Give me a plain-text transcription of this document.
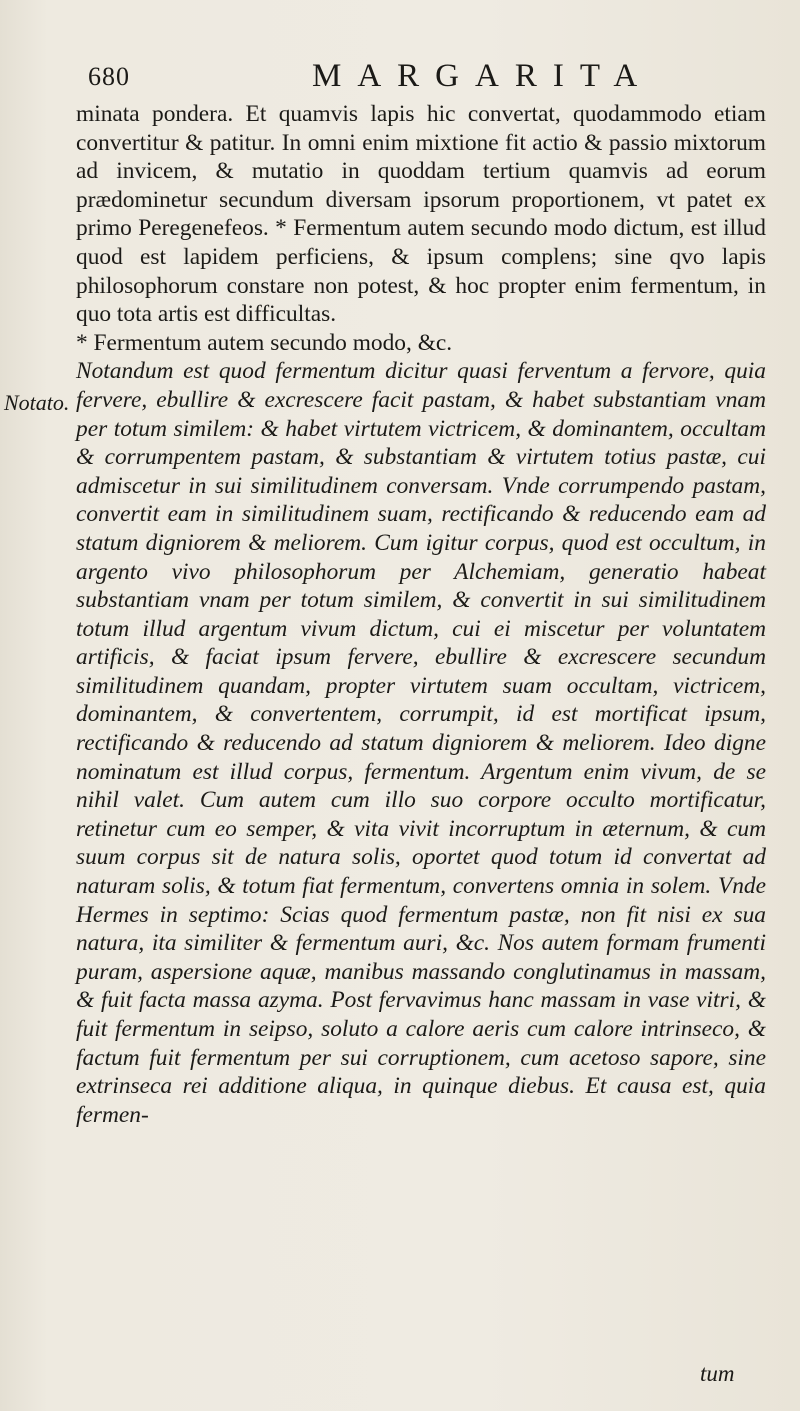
680	MARGARITA
Notato.

minata pondera. Et quamvis lapis hic convertat, quodammodo etiam convertitur & patitur. In omni enim mixtione fit actio & passio mixtorum ad invicem, & mutatio in quoddam tertium quamvis ad eorum prædominetur secundum diversam ipsorum proportionem, vt patet ex primo Peregenefeos. * Fermentum autem secundo modo dictum, est illud quod est lapidem perficiens, & ipsum complens; sine qvo lapis philosophorum constare non potest, & hoc propter enim fermentum, in quo tota artis est difficultas.

* Fermentum autem secundo modo, &c.

Notandum est quod fermentum dicitur quasi ferventum a fervore, quia fervere, ebullire & excrescere facit pastam, & habet substantiam vnam per totum similem: & habet virtutem victricem, & dominantem, occultam & corrumpentem pastam, & substantiam & virtutem totius pastæ, cui admiscetur in sui similitudinem conversam. Vnde corrumpendo pastam, convertit eam in similitudinem suam, rectificando & reducendo eam ad statum digniorem & meliorem. Cum igitur corpus, quod est occultum, in argento vivo philosophorum per Alchemiam, generatio habeat substantiam vnam per totum similem, & convertit in sui similitudinem totum illud argentum vivum dictum, cui ei miscetur per voluntatem artificis, & faciat ipsum fervere, ebullire & excrescere secundum similitudinem quandam, propter virtutem suam occultam, victricem, dominantem, & convertentem, corrumpit, id est mortificat ipsum, rectificando & reducendo ad statum digniorem & meliorem. Ideo digne nominatum est illud corpus, fermentum. Argentum enim vivum, de se nihil valet. Cum autem cum illo suo corpore occulto mortificatur, retinetur cum eo semper, & vita vivit incorruptum in æternum, & cum suum corpus sit de natura solis, oportet quod totum id convertat ad naturam solis, & totum fiat fermentum, convertens omnia in solem. Vnde Hermes in septimo: Scias quod fermentum pastæ, non fit nisi ex sua natura, ita similiter & fermentum auri, &c. Nos autem formam frumenti puram, aspersione aquæ, manibus massando conglutinamus in massam, & fuit facta massa azyma. Post fervavimus hanc massam in vase vitri, & fuit fermentum in seipso, soluto a calore aeris cum calore intrinseco, & factum fuit fermentum per sui corruptionem, cum acetoso sapore, sine extrinseca rei additione aliqua, in quinque diebus. Et causa est, quia fermen-

tum
